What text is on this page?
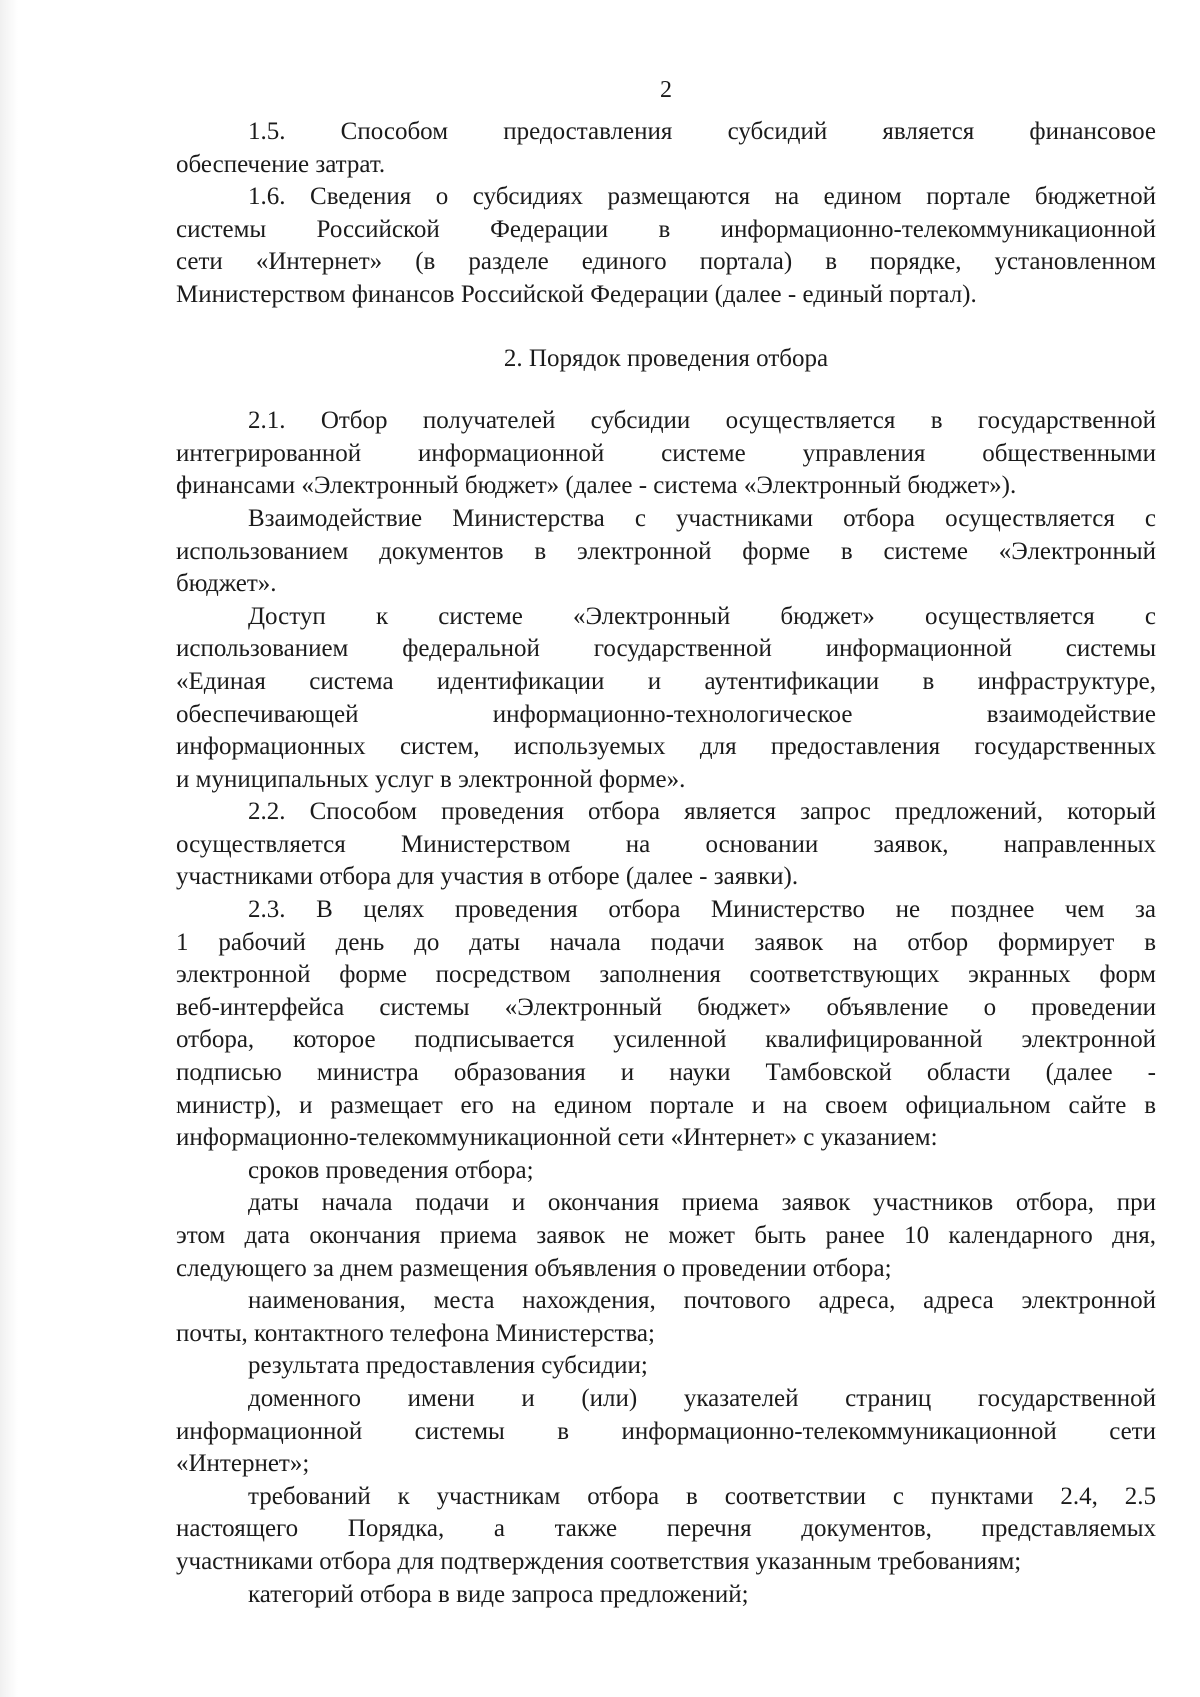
2

1.5. Способом предоставления субсидий является финансовое
обеспечение затрат.
1.6. Сведения о субсидиях размещаются на едином портале бюджетной
системы Российской Федерации в информационно-телекоммуникационной
сети «Интернет» (в разделе единого портала) в порядке, установленном
Министерством финансов Российской Федерации (далее - единый портал).

2. Порядок проведения отбора

2.1. Отбор получателей субсидии осуществляется в государственной
интегрированной информационной системе управления общественными
финансами «Электронный бюджет» (далее - система «Электронный бюджет»).
Взаимодействие Министерства с участниками отбора осуществляется с
использованием документов в электронной форме в системе «Электронный
бюджет».
Доступ к системе «Электронный бюджет» осуществляется с
использованием федеральной государственной информационной системы
«Единая система идентификации и аутентификации в инфраструктуре,
обеспечивающей информационно-технологическое взаимодействие
информационных систем, используемых для предоставления государственных
и муниципальных услуг в электронной форме».
2.2. Способом проведения отбора является запрос предложений, который
осуществляется Министерством на основании заявок, направленных
участниками отбора для участия в отборе (далее - заявки).
2.3. В целях проведения отбора Министерство не позднее чем за
1 рабочий день до даты начала подачи заявок на отбор формирует в
электронной форме посредством заполнения соответствующих экранных форм
веб-интерфейса системы «Электронный бюджет» объявление о проведении
отбора, которое подписывается усиленной квалифицированной электронной
подписью министра образования и науки Тамбовской области (далее -
министр), и размещает его на едином портале и на своем официальном сайте в
информационно-телекоммуникационной сети «Интернет» с указанием:
сроков проведения отбора;
даты начала подачи и окончания приема заявок участников отбора, при
этом дата окончания приема заявок не может быть ранее 10 календарного дня,
следующего за днем размещения объявления о проведении отбора;
наименования, места нахождения, почтового адреса, адреса электронной
почты, контактного телефона Министерства;
результата предоставления субсидии;
доменного имени и (или) указателей страниц государственной
информационной системы в информационно-телекоммуникационной сети
«Интернет»;
требований к участникам отбора в соответствии с пунктами 2.4, 2.5
настоящего Порядка, а также перечня документов, представляемых
участниками отбора для подтверждения соответствия указанным требованиям;
категорий отбора в виде запроса предложений;
